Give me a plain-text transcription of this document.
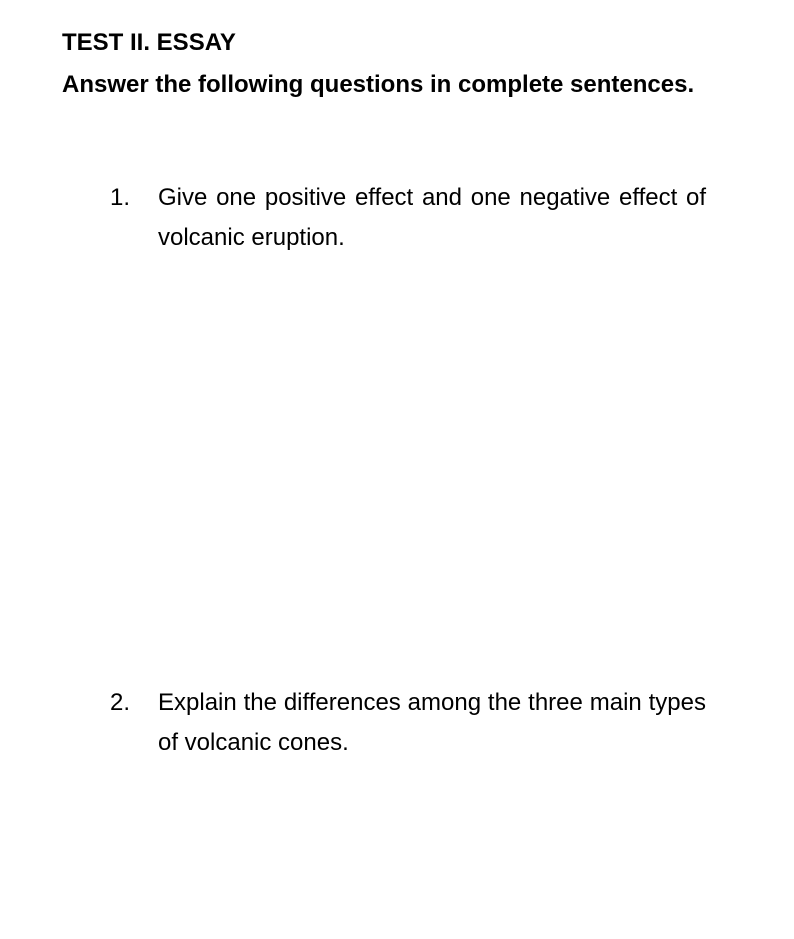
TEST II. ESSAY
Answer the following questions in complete sentences.
1.	Give one positive effect and one negative effect of volcanic eruption.
2.	Explain the differences among the three main types of volcanic cones.
